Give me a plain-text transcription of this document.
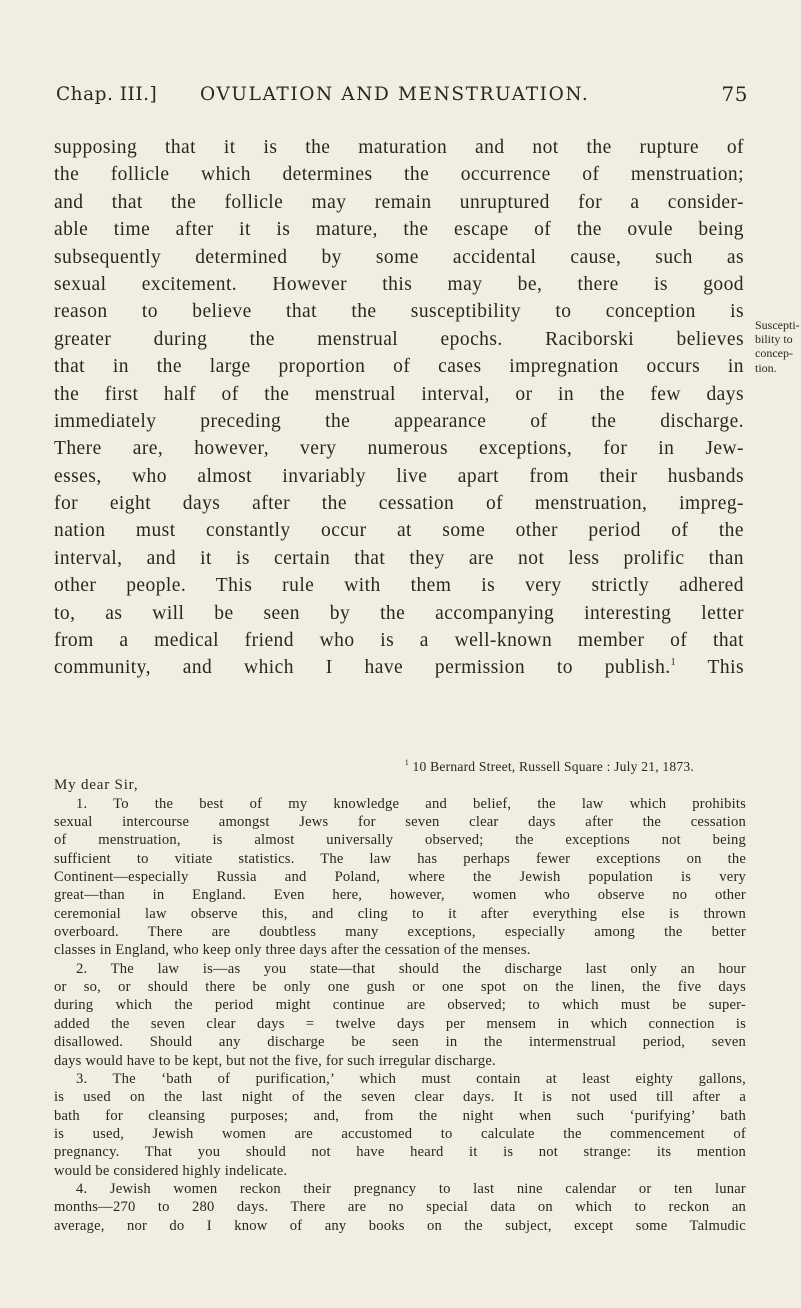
Chap. III.] OVULATION AND MENSTRUATION.	75
supposing that it is the maturation and not the rupture of
the follicle which determines the occurrence of menstruation;
and that the follicle may remain unruptured for a consider-
able time after it is mature, the escape of the ovule being
subsequently determined by some accidental cause, such as
sexual excitement. However this may be, there is good
reason to believe that the susceptibility to conception is
greater during the menstrual epochs. Raciborski believes
that in the large proportion of cases impregnation occurs in
the first half of the menstrual interval, or in the few days
immediately preceding the appearance of the discharge.
There are, however, very numerous exceptions, for in Jew-
esses, who almost invariably live apart from their husbands
for eight days after the cessation of menstruation, impreg-
nation must constantly occur at some other period of the
interval, and it is certain that they are not less prolific than
other people. This rule with them is very strictly adhered
to, as will be seen by the accompanying interesting letter
from a medical friend who is a well-known member of that
community, and which I have permission to publish.$^1$ This
Suscepti-
bility to
concep-
tion.
$^1$ 10 Bernard Street, Russell Square : July 21, 1873.
My dear Sir,
1. To the best of my knowledge and belief, the law which prohibits
sexual intercourse amongst Jews for seven clear days after the cessation
of menstruation, is almost universally observed; the exceptions not being
sufficient to vitiate statistics. The law has perhaps fewer exceptions on the
Continent—especially Russia and Poland, where the Jewish population is very
great—than in England. Even here, however, women who observe no other
ceremonial law observe this, and cling to it after everything else is thrown
overboard. There are doubtless many exceptions, especially among the better
classes in England, who keep only three days after the cessation of the menses.
2. The law is—as you state—that should the discharge last only an hour
or so, or should there be only one gush or one spot on the linen, the five days
during which the period might continue are observed; to which must be super-
added the seven clear days = twelve days per mensem in which connection is
disallowed. Should any discharge be seen in the intermenstrual period, seven
days would have to be kept, but not the five, for such irregular discharge.
3. The ‘bath of purification,’ which must contain at least eighty gallons,
is used on the last night of the seven clear days. It is not used till after a
bath for cleansing purposes; and, from the night when such ‘purifying’ bath
is used, Jewish women are accustomed to calculate the commencement of
pregnancy. That you should not have heard it is not strange: its mention
would be considered highly indelicate.
4. Jewish women reckon their pregnancy to last nine calendar or ten lunar
months—270 to 280 days. There are no special data on which to reckon an
average, nor do I know of any books on the subject, except some Talmudic
